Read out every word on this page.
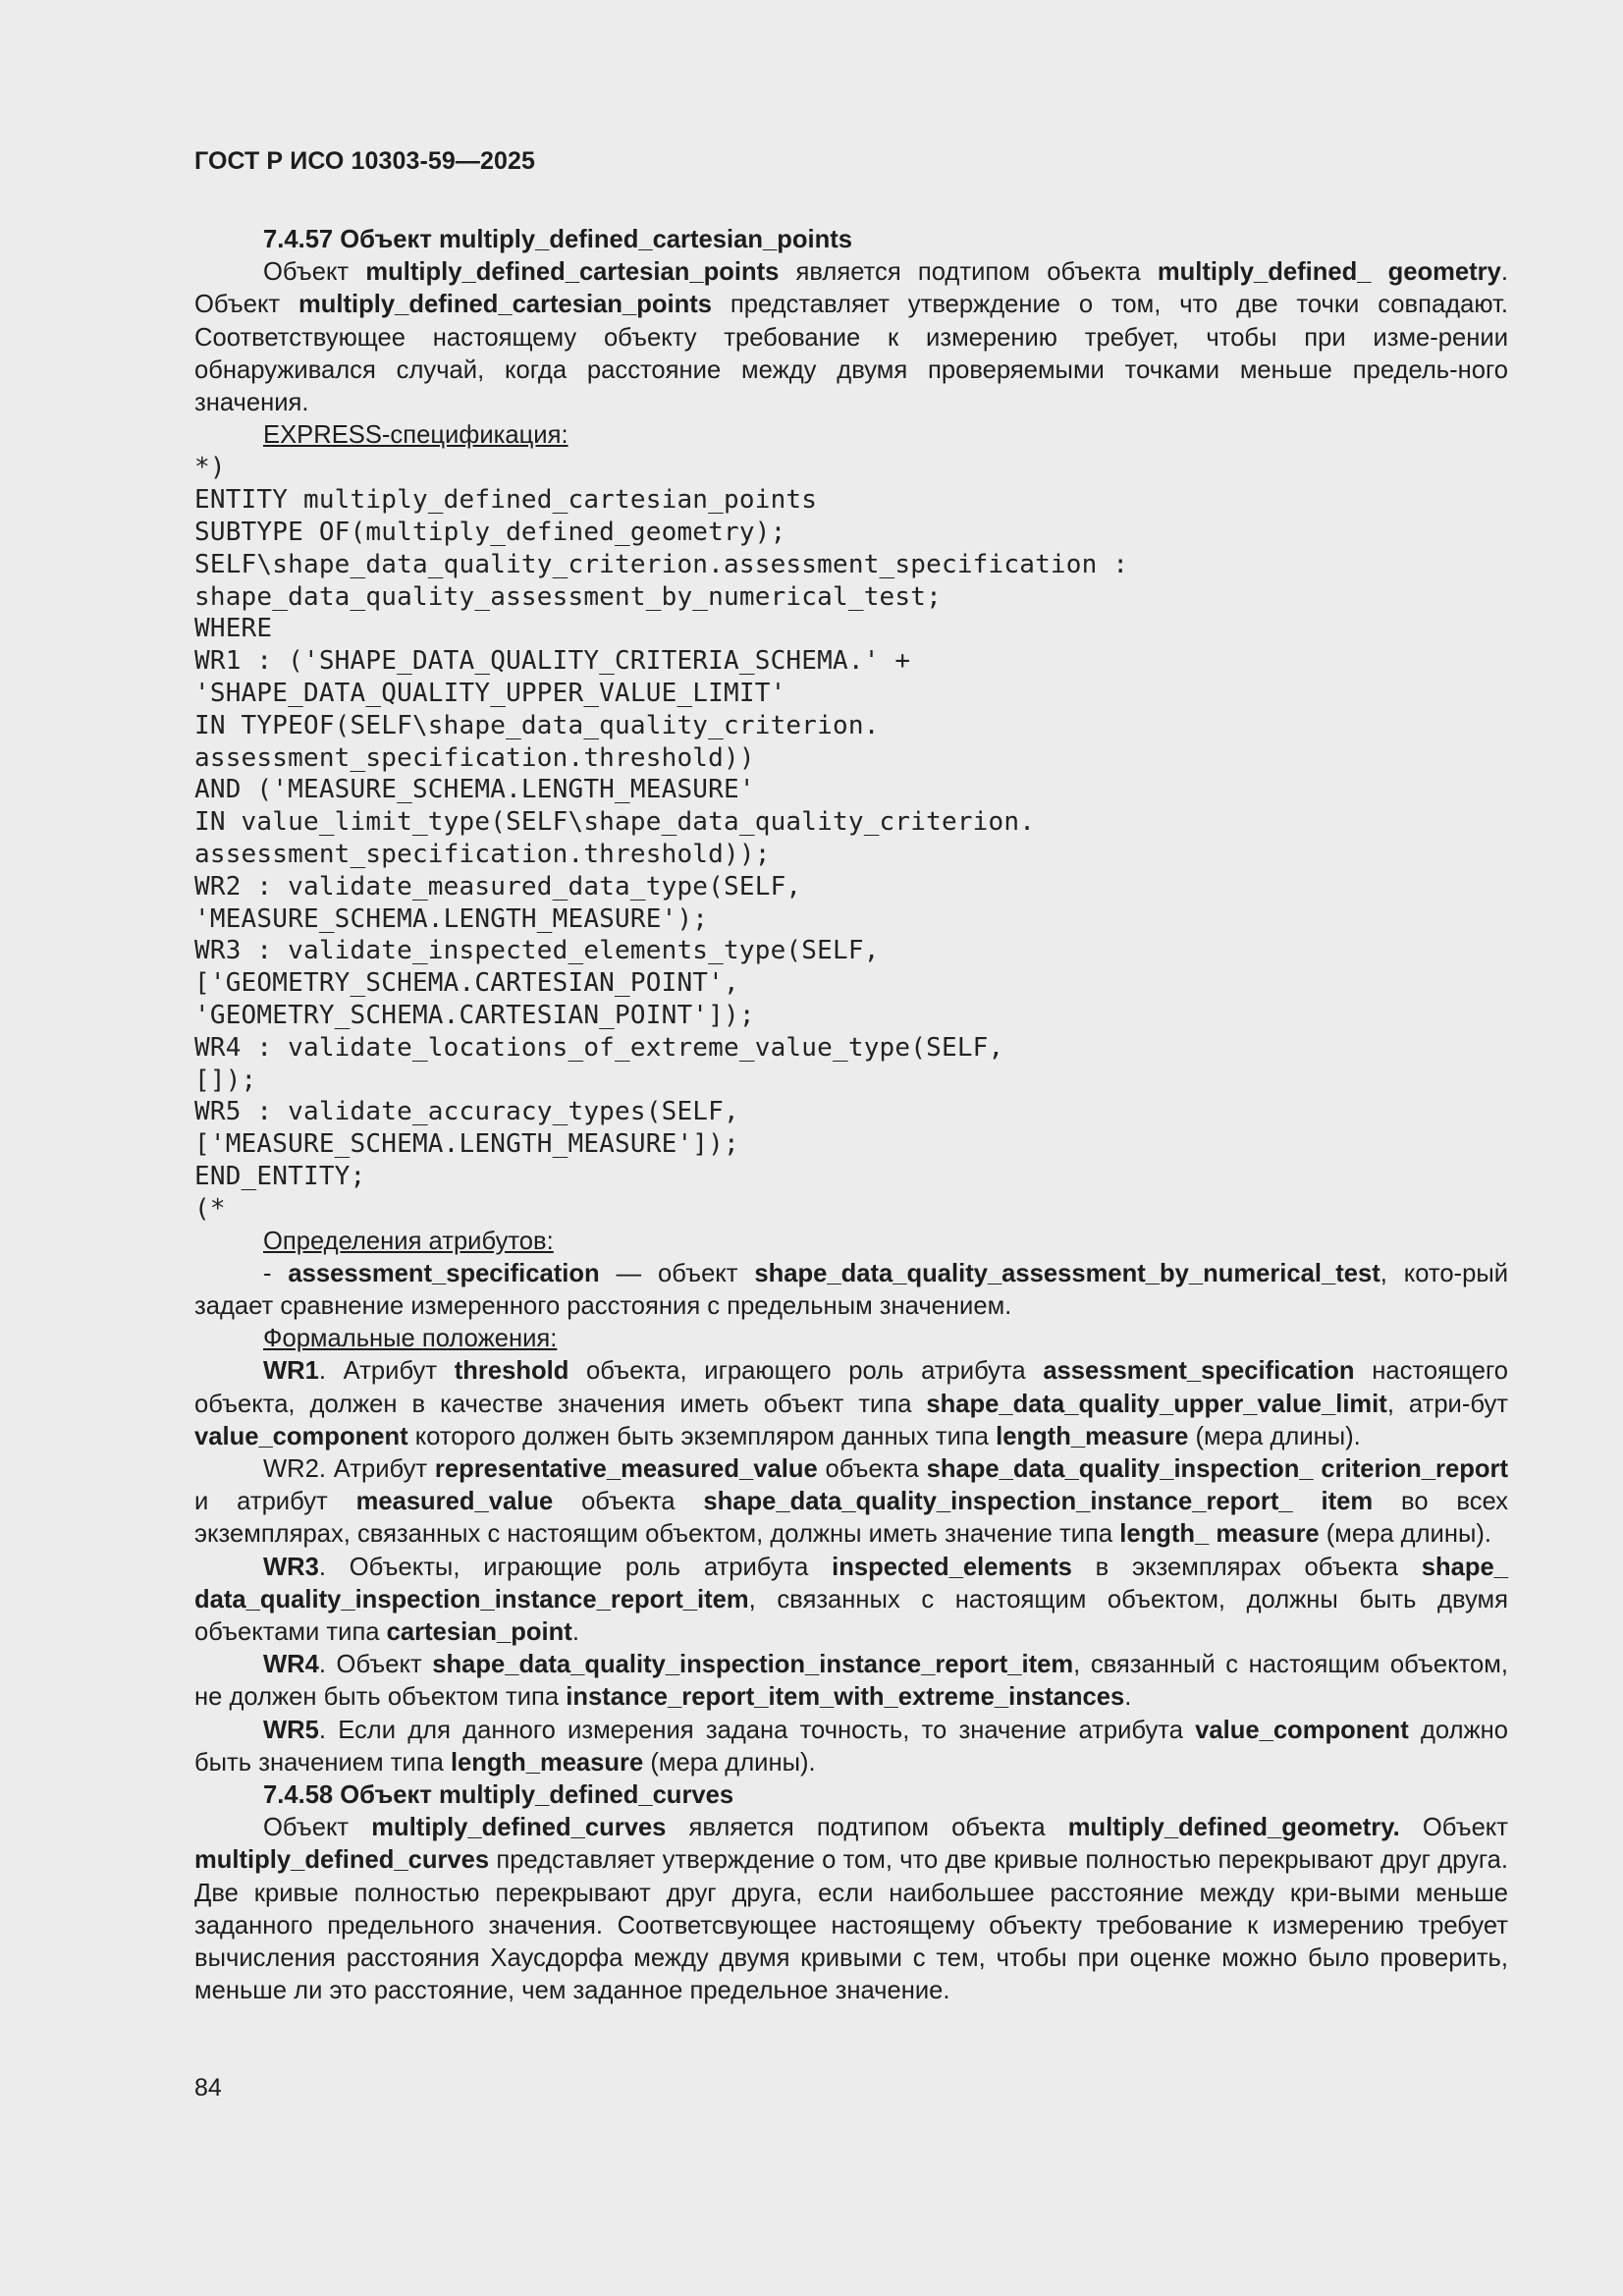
ГОСТ Р ИСО 10303-59—2025

7.4.57 Объект multiply_defined_cartesian_points

Объект multiply_defined_cartesian_points является подтипом объекта multiply_defined_ geometry. Объект multiply_defined_cartesian_points представляет утверждение о том, что две точки совпадают. Соответствующее настоящему объекту требование к измерению требует, чтобы при изме-рении обнаруживался случай, когда расстояние между двумя проверяемыми точками меньше предель-ного значения.

EXPRESS-спецификация:

*)
ENTITY multiply_defined_cartesian_points
SUBTYPE OF(multiply_defined_geometry);
SELF\shape_data_quality_criterion.assessment_specification :
shape_data_quality_assessment_by_numerical_test;
WHERE
WR1 : ('SHAPE_DATA_QUALITY_CRITERIA_SCHEMA.' +
'SHAPE_DATA_QUALITY_UPPER_VALUE_LIMIT'
IN TYPEOF(SELF\shape_data_quality_criterion.
assessment_specification.threshold))
AND ('MEASURE_SCHEMA.LENGTH_MEASURE'
IN value_limit_type(SELF\shape_data_quality_criterion.
assessment_specification.threshold));
WR2 : validate_measured_data_type(SELF,
'MEASURE_SCHEMA.LENGTH_MEASURE');
WR3 : validate_inspected_elements_type(SELF,
['GEOMETRY_SCHEMA.CARTESIAN_POINT',
'GEOMETRY_SCHEMA.CARTESIAN_POINT']);
WR4 : validate_locations_of_extreme_value_type(SELF,
[]);
WR5 : validate_accuracy_types(SELF,
['MEASURE_SCHEMA.LENGTH_MEASURE']);
END_ENTITY;
(*

Определения атрибутов:

- assessment_specification — объект shape_data_quality_assessment_by_numerical_test, кото-рый задает сравнение измеренного расстояния с предельным значением.

Формальные положения:

WR1. Атрибут threshold объекта, играющего роль атрибута assessment_specification настоящего объекта, должен в качестве значения иметь объект типа shape_data_quality_upper_value_limit, атри-бут value_component которого должен быть экземпляром данных типа length_measure (мера длины).

WR2. Атрибут representative_measured_value объекта shape_data_quality_inspection_ criterion_report и атрибут measured_value объекта shape_data_quality_inspection_instance_report_ item во всех экземплярах, связанных с настоящим объектом, должны иметь значение типа length_ measure (мера длины).

WR3. Объекты, играющие роль атрибута inspected_elements в экземплярах объекта shape_ data_quality_inspection_instance_report_item, связанных с настоящим объектом, должны быть двумя объектами типа cartesian_point.

WR4. Объект shape_data_quality_inspection_instance_report_item, связанный с настоящим объектом, не должен быть объектом типа instance_report_item_with_extreme_instances.

WR5. Если для данного измерения задана точность, то значение атрибута value_component должно быть значением типа length_measure (мера длины).

7.4.58 Объект multiply_defined_curves

Объект multiply_defined_curves является подтипом объекта multiply_defined_geometry. Объект multiply_defined_curves представляет утверждение о том, что две кривые полностью перекрывают друг друга. Две кривые полностью перекрывают друг друга, если наибольшее расстояние между кри-выми меньше заданного предельного значения. Соответсвующее настоящему объекту требование к измерению требует вычисления расстояния Хаусдорфа между двумя кривыми с тем, чтобы при оценке можно было проверить, меньше ли это расстояние, чем заданное предельное значение.

84
